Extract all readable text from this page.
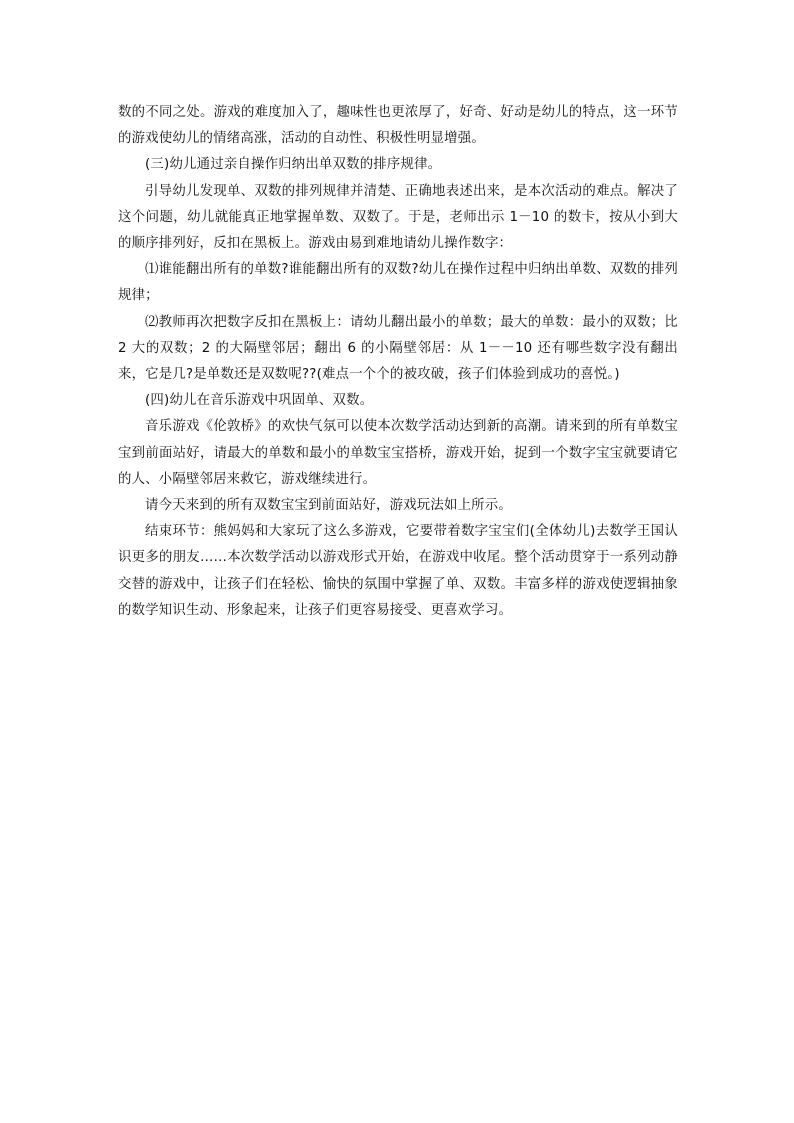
数的不同之处。游戏的难度加入了，趣味性也更浓厚了，好奇、好动是幼儿的特点，这一环节的游戏使幼儿的情绪高涨，活动的自动性、积极性明显增强。

(三)幼儿通过亲自操作归纳出单双数的排序规律。

引导幼儿发现单、双数的排列规律并清楚、正确地表述出来，是本次活动的难点。解决了这个问题，幼儿就能真正地掌握单数、双数了。于是，老师出示 1－10 的数卡，按从小到大的顺序排列好，反扣在黑板上。游戏由易到难地请幼儿操作数字：

⑴谁能翻出所有的单数?谁能翻出所有的双数?幼儿在操作过程中归纳出单数、双数的排列规律；

⑵教师再次把数字反扣在黑板上：请幼儿翻出最小的单数；最大的单数：最小的双数；比 2 大的双数；2 的大隔壁邻居；翻出 6 的小隔壁邻居：从 1－－10 还有哪些数字没有翻出来，它是几?是单数还是双数呢??(难点一个个的被攻破，孩子们体验到成功的喜悦。)

(四)幼儿在音乐游戏中巩固单、双数。

音乐游戏《伦敦桥》的欢快气氛可以使本次数学活动达到新的高潮。请来到的所有单数宝宝到前面站好，请最大的单数和最小的单数宝宝搭桥，游戏开始，捉到一个数字宝宝就要请它的人、小隔壁邻居来救它，游戏继续进行。

请今天来到的所有双数宝宝到前面站好，游戏玩法如上所示。

结束环节：熊妈妈和大家玩了这么多游戏，它要带着数字宝宝们(全体幼儿)去数学王国认识更多的朋友……本次数学活动以游戏形式开始，在游戏中收尾。整个活动贯穿于一系列动静交替的游戏中，让孩子们在轻松、愉快的氛围中掌握了单、双数。丰富多样的游戏使逻辑抽象的数学知识生动、形象起来，让孩子们更容易接受、更喜欢学习。
